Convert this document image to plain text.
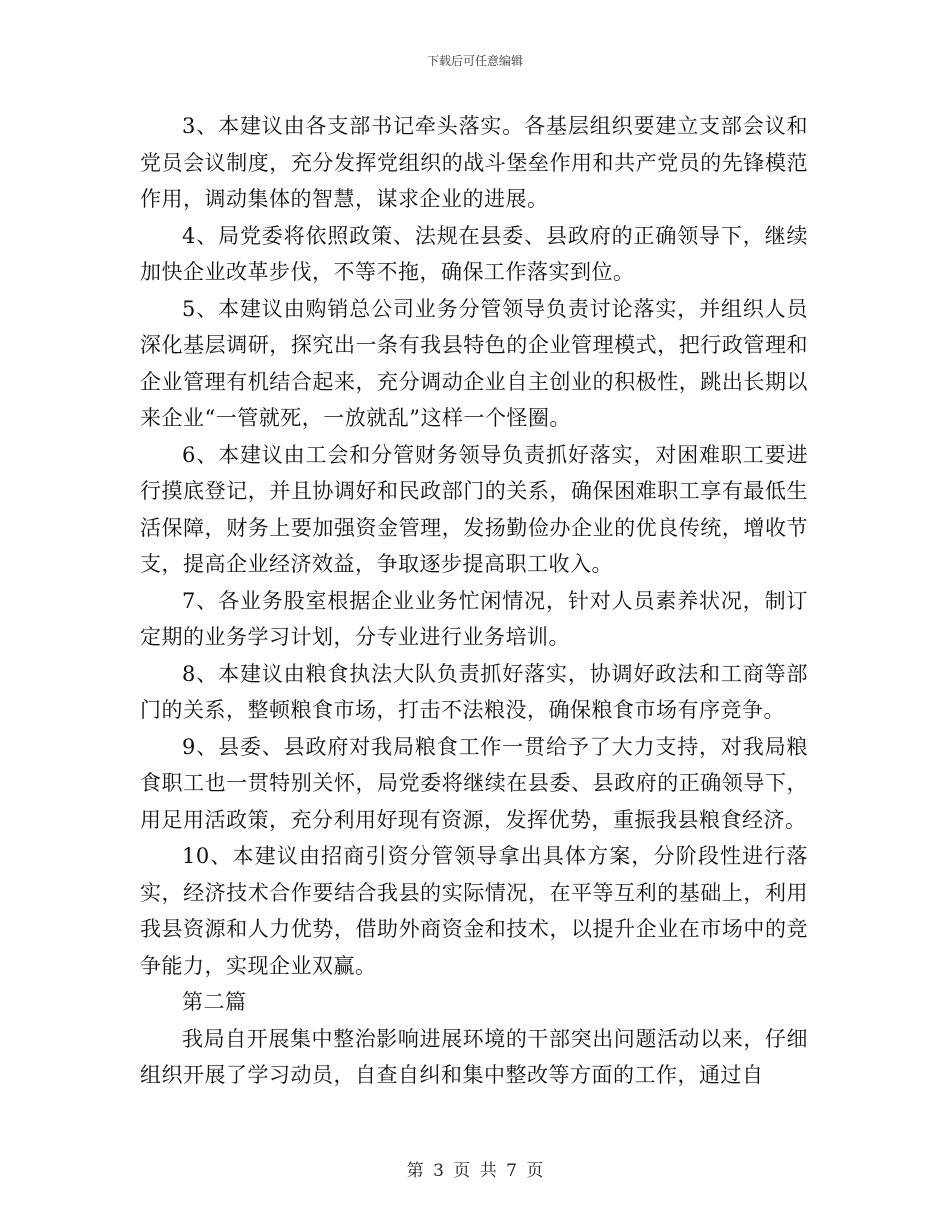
下载后可任意编辑

3、本建议由各支部书记牵头落实。各基层组织要建立支部会议和党员会议制度，充分发挥党组织的战斗堡垒作用和共产党员的先锋模范作用，调动集体的智慧，谋求企业的进展。

4、局党委将依照政策、法规在县委、县政府的正确领导下，继续加快企业改革步伐，不等不拖，确保工作落实到位。

5、本建议由购销总公司业务分管领导负责讨论落实，并组织人员深化基层调研，探究出一条有我县特色的企业管理模式，把行政管理和企业管理有机结合起来，充分调动企业自主创业的积极性，跳出长期以来企业“一管就死，一放就乱”这样一个怪圈。

6、本建议由工会和分管财务领导负责抓好落实，对困难职工要进行摸底登记，并且协调好和民政部门的关系，确保困难职工享有最低生活保障，财务上要加强资金管理，发扬勤俭办企业的优良传统，增收节支，提高企业经济效益，争取逐步提高职工收入。

7、各业务股室根据企业业务忙闲情况，针对人员素养状况，制订定期的业务学习计划，分专业进行业务培训。

8、本建议由粮食执法大队负责抓好落实，协调好政法和工商等部门的关系，整顿粮食市场，打击不法粮没，确保粮食市场有序竞争。

9、县委、县政府对我局粮食工作一贯给予了大力支持，对我局粮食职工也一贯特别关怀，局党委将继续在县委、县政府的正确领导下，用足用活政策，充分利用好现有资源，发挥优势，重振我县粮食经济。

10、本建议由招商引资分管领导拿出具体方案，分阶段性进行落实，经济技术合作要结合我县的实际情况，在平等互利的基础上，利用我县资源和人力优势，借助外商资金和技术，以提升企业在市场中的竞争能力，实现企业双赢。

第二篇

我局自开展集中整治影响进展环境的干部突出问题活动以来，仔细组织开展了学习动员，自查自纠和集中整改等方面的工作，通过自

第 3 页 共 7 页
